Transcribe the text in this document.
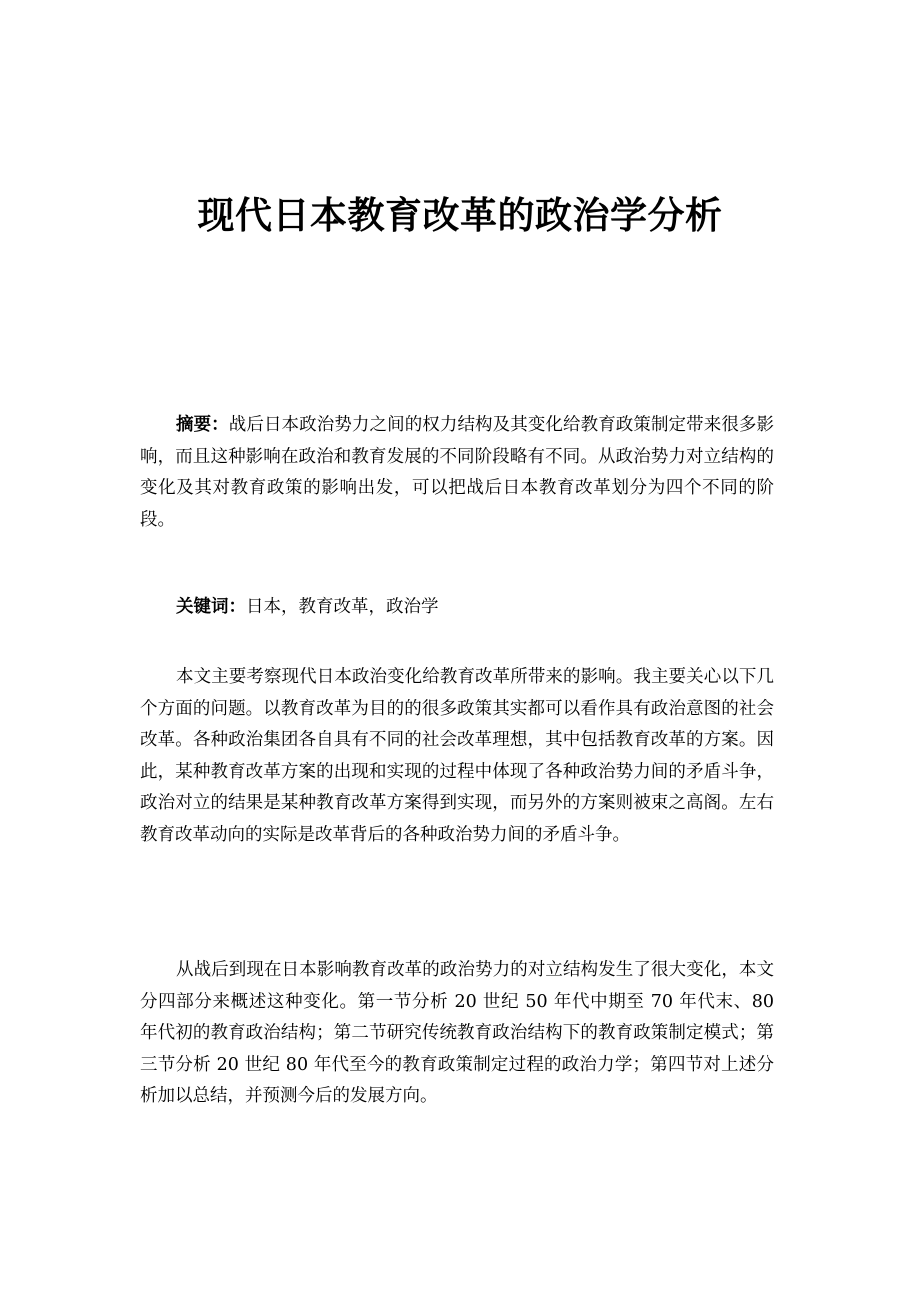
现代日本教育改革的政治学分析

摘要：战后日本政治势力之间的权力结构及其变化给教育政策制定带来很多影响，而且这种影响在政治和教育发展的不同阶段略有不同。从政治势力对立结构的变化及其对教育政策的影响出发，可以把战后日本教育改革划分为四个不同的阶段。

关键词：日本，教育改革，政治学

本文主要考察现代日本政治变化给教育改革所带来的影响。我主要关心以下几个方面的问题。以教育改革为目的的很多政策其实都可以看作具有政治意图的社会改革。各种政治集团各自具有不同的社会改革理想，其中包括教育改革的方案。因此，某种教育改革方案的出现和实现的过程中体现了各种政治势力间的矛盾斗争，政治对立的结果是某种教育改革方案得到实现，而另外的方案则被束之高阁。左右教育改革动向的实际是改革背后的各种政治势力间的矛盾斗争。

从战后到现在日本影响教育改革的政治势力的对立结构发生了很大变化，本文分四部分来概述这种变化。第一节分析 20 世纪 50 年代中期至 70 年代末、80 年代初的教育政治结构；第二节研究传统教育政治结构下的教育政策制定模式；第三节分析 20 世纪 80 年代至今的教育政策制定过程的政治力学；第四节对上述分析加以总结，并预测今后的发展方向。
